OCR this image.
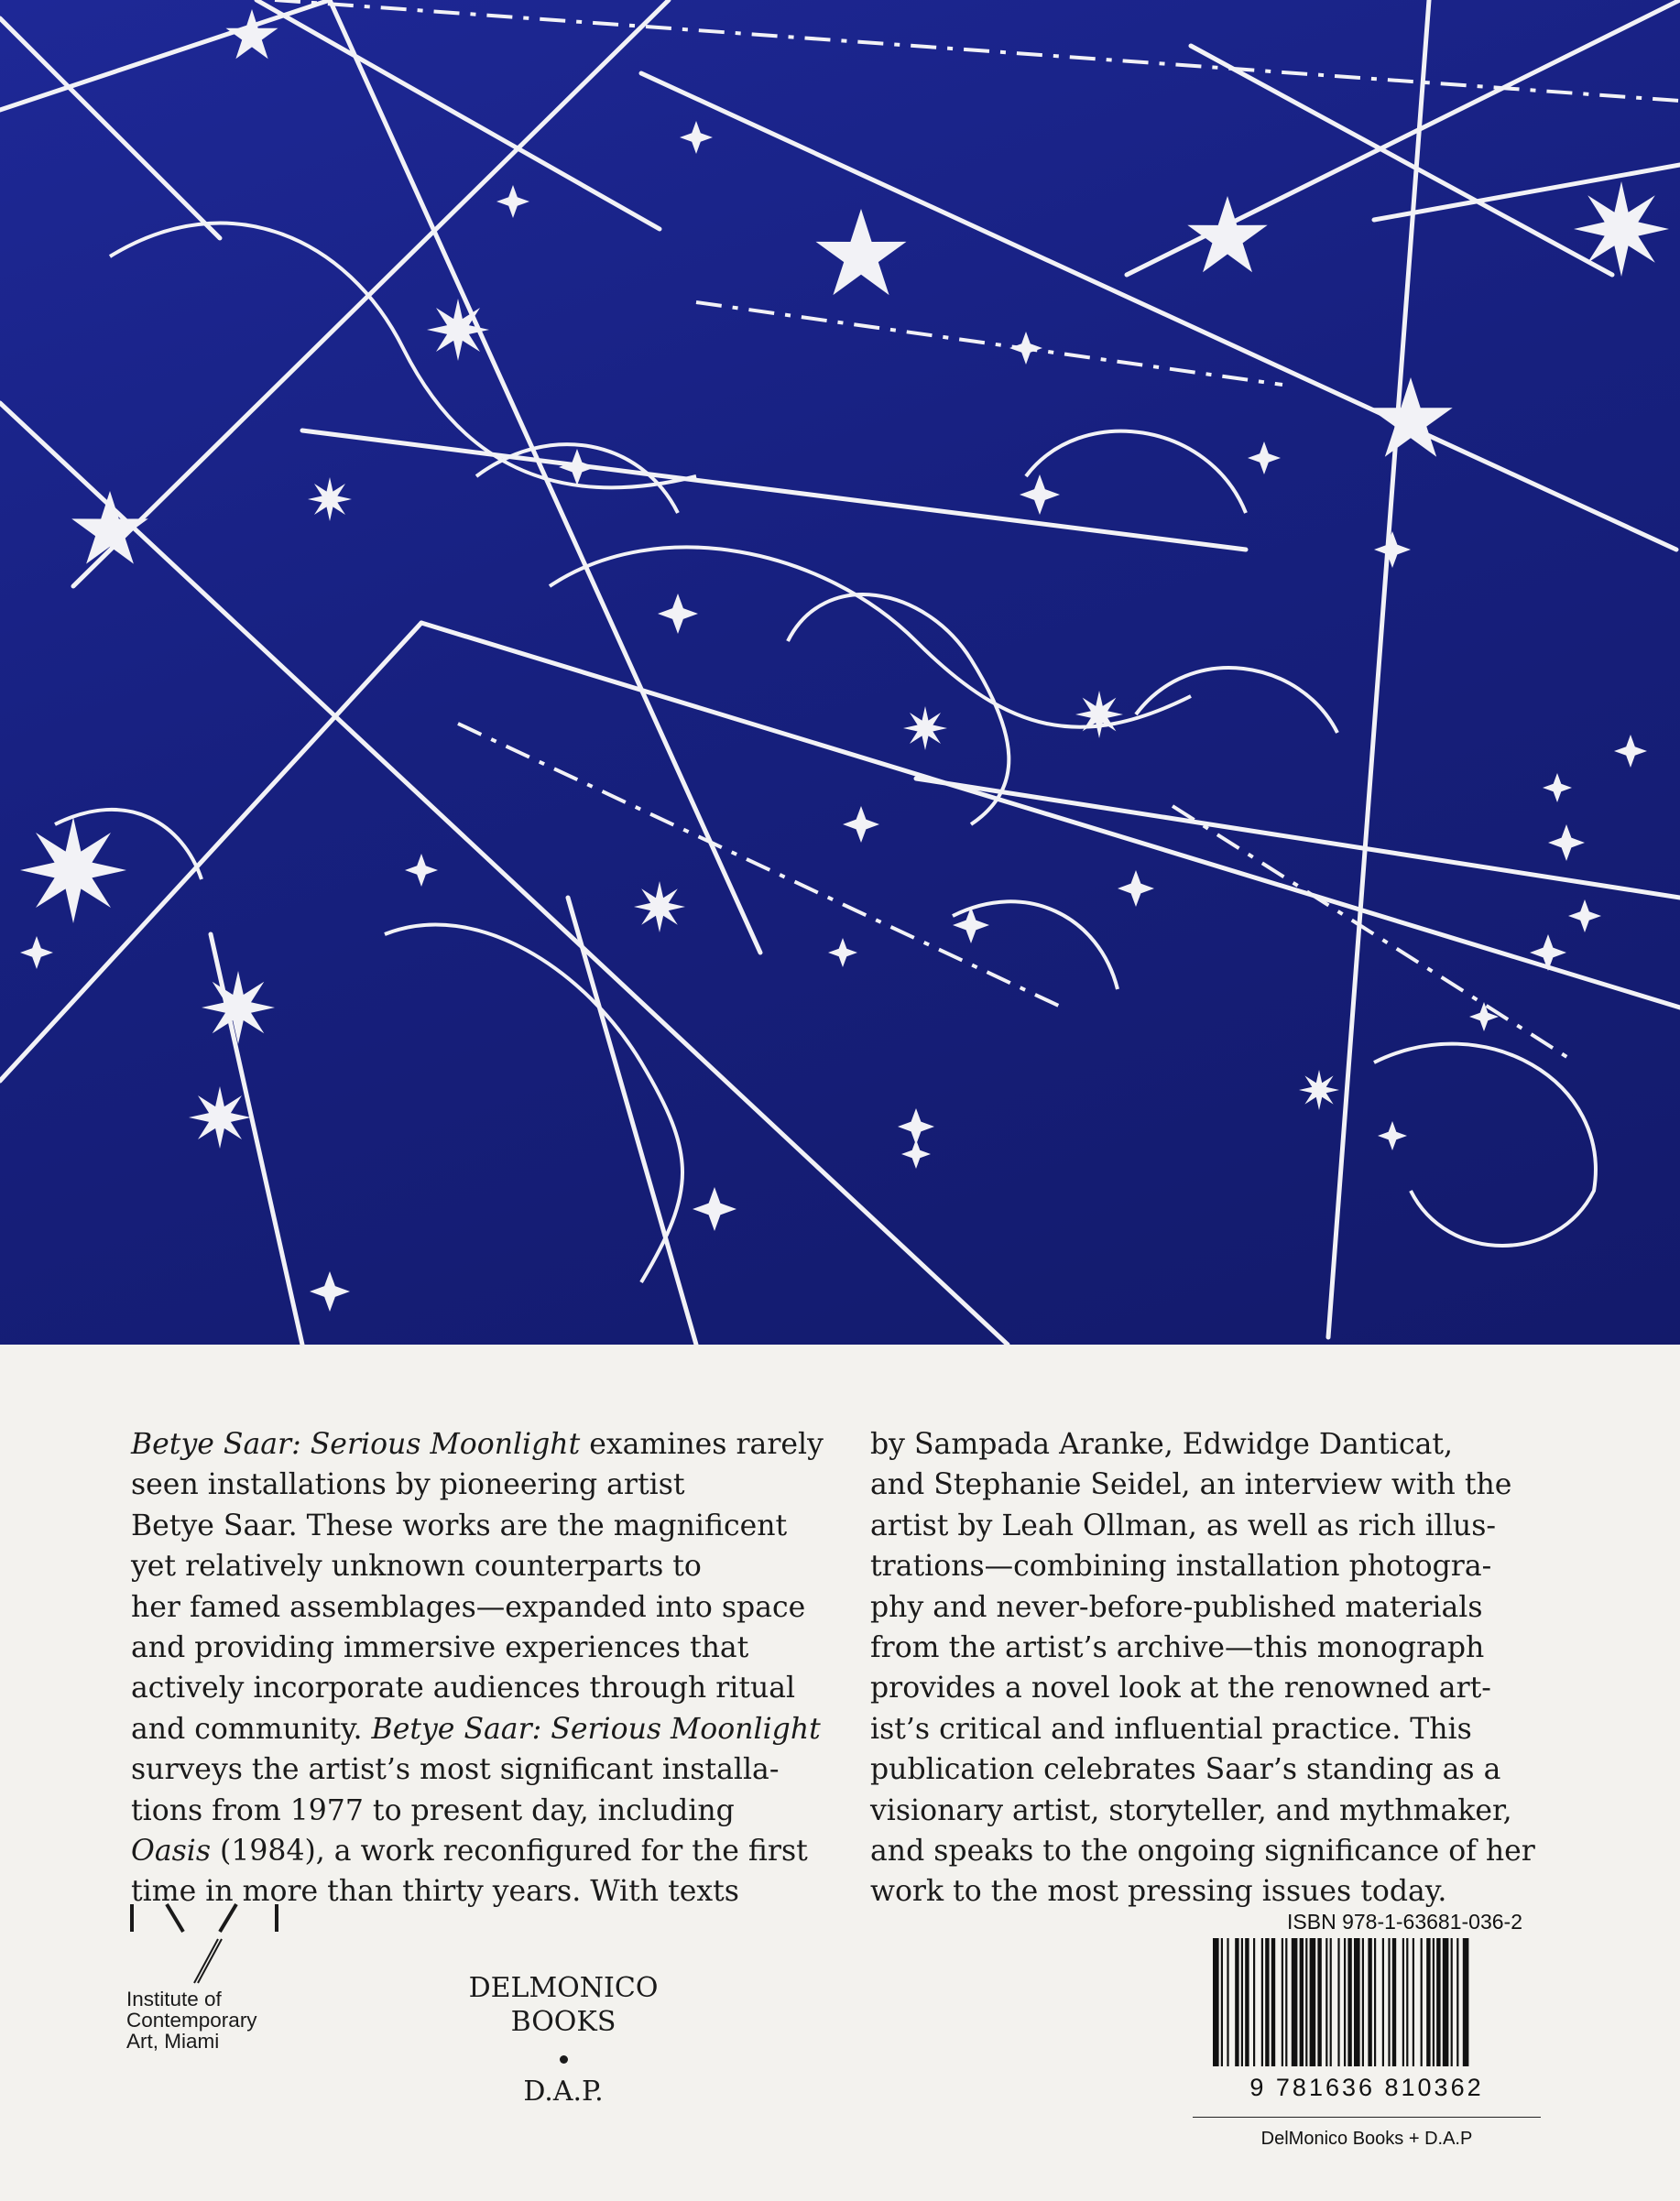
Betye Saar: Serious Moonlight examines rarely

seen installations by pioneering artist

Betye Saar. These works are the magnificent

yet relatively unknown counterparts to

her famed assemblages—expanded into space

and providing immersive experiences that

actively incorporate audiences through ritual

and community. Betye Saar: Serious Moonlight

surveys the artist’s most significant installa-

tions from 1977 to present day, including

Oasis (1984), a work reconfigured for the first

time in more than thirty years. With texts

by Sampada Aranke, Edwidge Danticat,

and Stephanie Seidel, an interview with the

artist by Leah Ollman, as well as rich illus-

trations—combining installation photogra-

phy and never-before-published materials

from the artist’s archive—this monograph

provides a novel look at the renowned art-

ist’s critical and influential practice. This

publication celebrates Saar’s standing as a

visionary artist, storyteller, and mythmaker,

and speaks to the ongoing significance of her

work to the most pressing issues today.

Institute of
Contemporary
Art, Miami
DELMONICO
BOOKS
D.A.P.
ISBN 978-1-63681-036-2
9 781636 810362
DelMonico Books + D.A.P
